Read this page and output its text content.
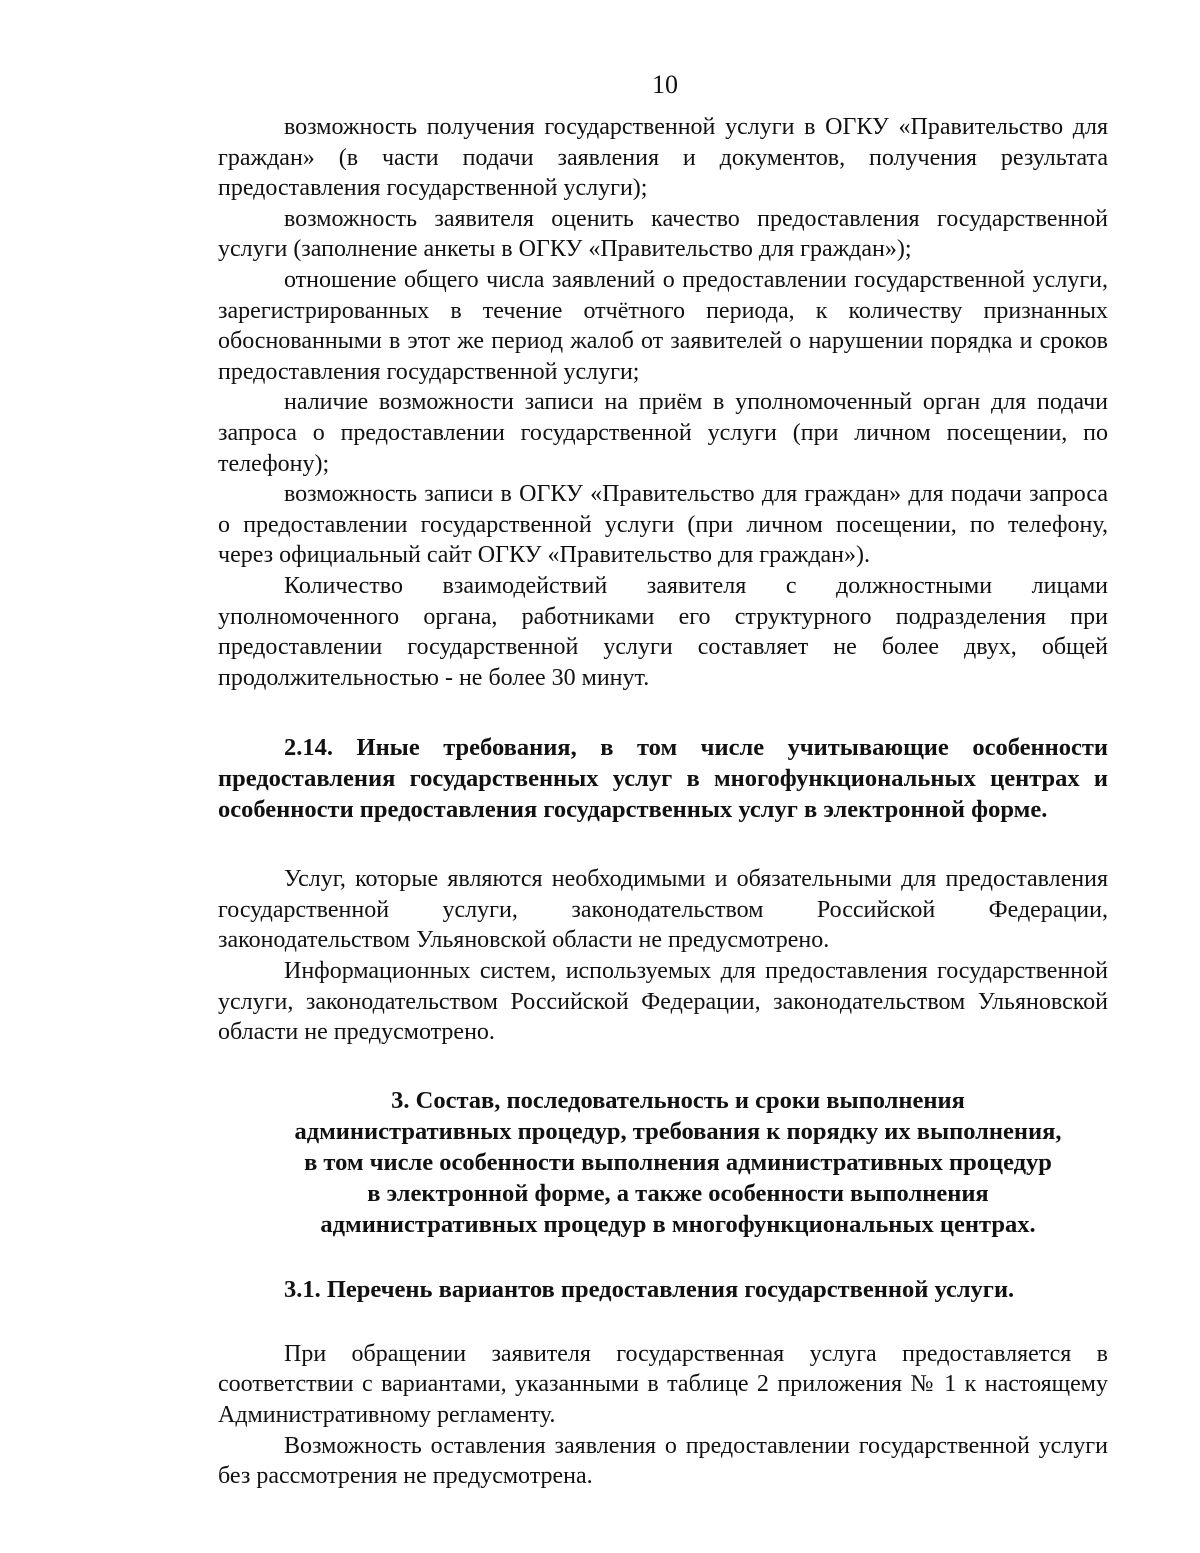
10

возможность получения государственной услуги в ОГКУ «Правительство для граждан» (в части подачи заявления и документов, получения результата предоставления государственной услуги);

возможность заявителя оценить качество предоставления государственной услуги (заполнение анкеты в ОГКУ «Правительство для граждан»);

отношение общего числа заявлений о предоставлении государственной услуги, зарегистрированных в течение отчётного периода, к количеству признанных обоснованными в этот же период жалоб от заявителей о нарушении порядка и сроков предоставления государственной услуги;

наличие возможности записи на приём в уполномоченный орган для подачи запроса о предоставлении государственной услуги (при личном посещении, по телефону);

возможность записи в ОГКУ «Правительство для граждан» для подачи запроса о предоставлении государственной услуги (при личном посещении, по телефону, через официальный сайт ОГКУ «Правительство для граждан»).

Количество взаимодействий заявителя с должностными лицами уполномоченного органа, работниками его структурного подразделения при предоставлении государственной услуги составляет не более двух, общей продолжительностью - не более 30 минут.

2.14. Иные требования, в том числе учитывающие особенности предоставления государственных услуг в многофункциональных центрах и особенности предоставления государственных услуг в электронной форме.

Услуг, которые являются необходимыми и обязательными для предоставления государственной услуги, законодательством Российской Федерации, законодательством Ульяновской области не предусмотрено.

Информационных систем, используемых для предоставления государственной услуги, законодательством Российской Федерации, законодательством Ульяновской области не предусмотрено.

3. Состав, последовательность и сроки выполнения
административных процедур, требования к порядку их выполнения,
в том числе особенности выполнения административных процедур
в электронной форме, а также особенности выполнения
административных процедур в многофункциональных центрах.
3.1. Перечень вариантов предоставления государственной услуги.

При обращении заявителя государственная услуга предоставляется в соответствии с вариантами, указанными в таблице 2 приложения № 1 к настоящему Административному регламенту.

Возможность оставления заявления о предоставлении государственной услуги без рассмотрения не предусмотрена.
